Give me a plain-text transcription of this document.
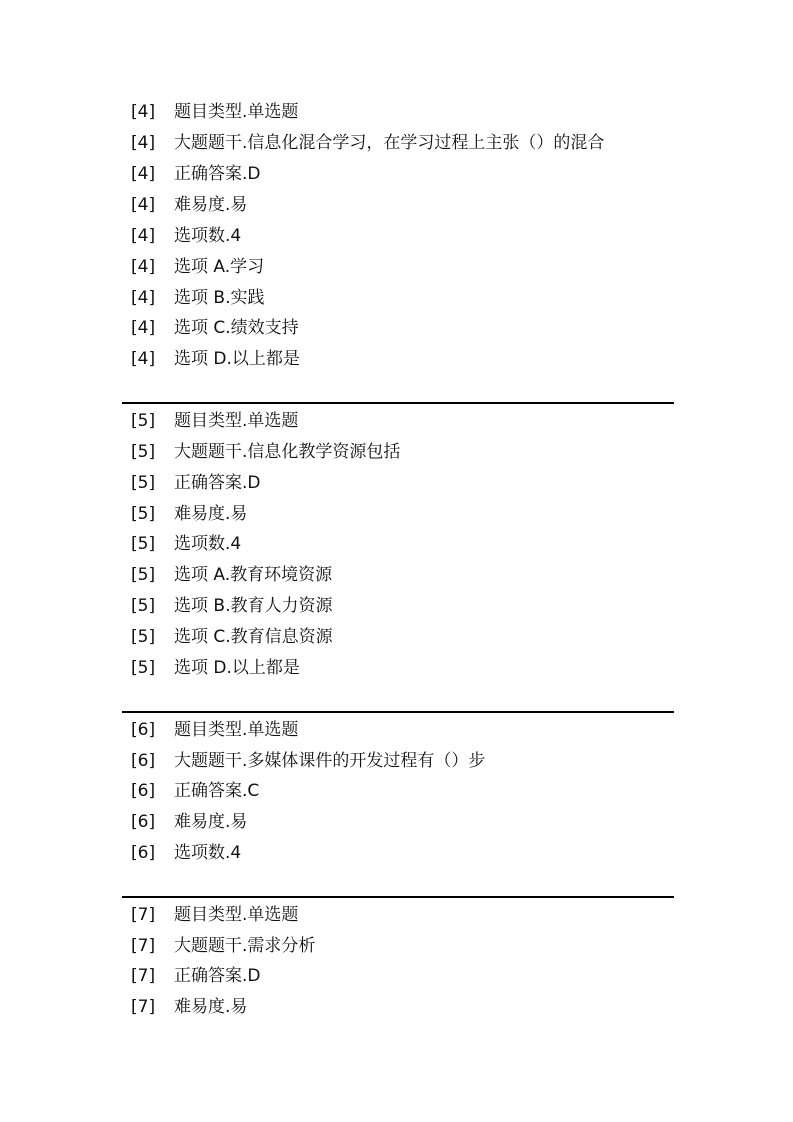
[4] 题目类型.单选题
[4] 大题题干.信息化混合学习，在学习过程上主张（）的混合
[4] 正确答案.D
[4] 难易度.易
[4] 选项数.4
[4] 选项 A.学习
[4] 选项 B.实践
[4] 选项 C.绩效支持
[4] 选项 D.以上都是
[5] 题目类型.单选题
[5] 大题题干.信息化教学资源包括
[5] 正确答案.D
[5] 难易度.易
[5] 选项数.4
[5] 选项 A.教育环境资源
[5] 选项 B.教育人力资源
[5] 选项 C.教育信息资源
[5] 选项 D.以上都是
[6] 题目类型.单选题
[6] 大题题干.多媒体课件的开发过程有（）步
[6] 正确答案.C
[6] 难易度.易
[6] 选项数.4
[7] 题目类型.单选题
[7] 大题题干.需求分析
[7] 正确答案.D
[7] 难易度.易
